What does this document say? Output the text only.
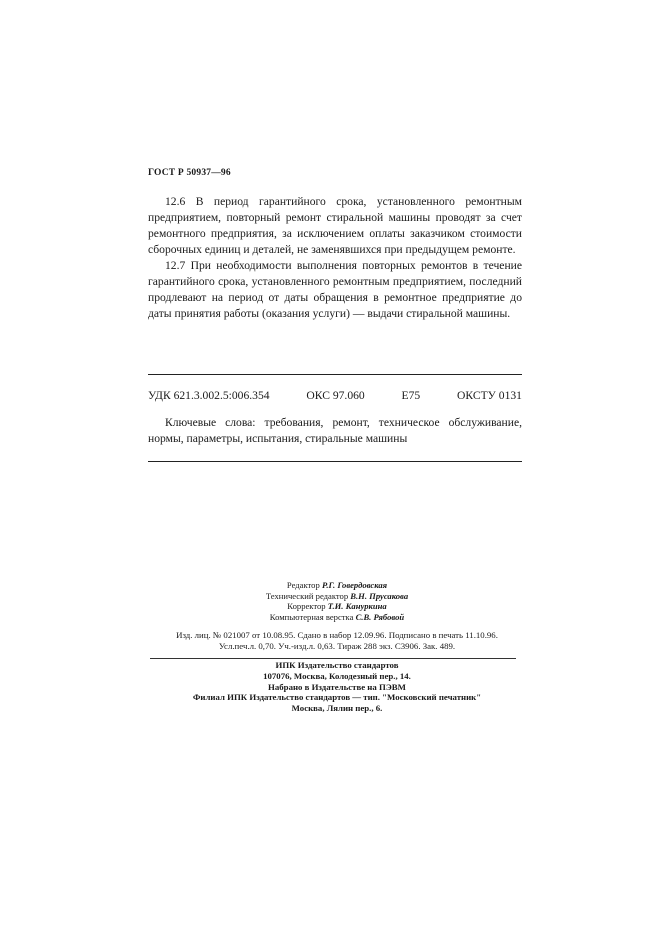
ГОСТ Р 50937—96

12.6 В период гарантийного срока, установленного ремонтным предприятием, повторный ремонт стиральной машины проводят за счет ремонтного предприятия, за исключением оплаты заказчиком стоимости сборочных единиц и деталей, не заменявшихся при предыдущем ремонте.

12.7 При необходимости выполнения повторных ремонтов в течение гарантийного срока, установленного ремонтным предприятием, последний продлевают на период от даты обращения в ремонтное предприятие до даты принятия работы (оказания услуги) — выдачи стиральной машины.

УДК 621.3.002.5:006.354	ОКС 97.060	Е75	ОКСТУ 0131

Ключевые слова: требования, ремонт, техническое обслуживание, нормы, параметры, испытания, стиральные машины

Редактор Р.Г. Говердовская
Технический редактор В.Н. Прусакова
Корректор Т.И. Кануркина
Компьютерная верстка С.В. Рябовой
Изд. лиц. № 021007 от 10.08.95. Сдано в набор 12.09.96. Подписано в печать 11.10.96.
Усл.печ.л. 0,70. Уч.-изд.л. 0,63. Тираж 288 экз. С3906. Зак. 489.
ИПК Издательство стандартов
107076, Москва, Колодезный пер., 14.
Набрано в Издательстве на ПЭВМ
Филиал ИПК Издательство стандартов — тип. "Московский печатник"
Москва, Лялин пер., 6.
